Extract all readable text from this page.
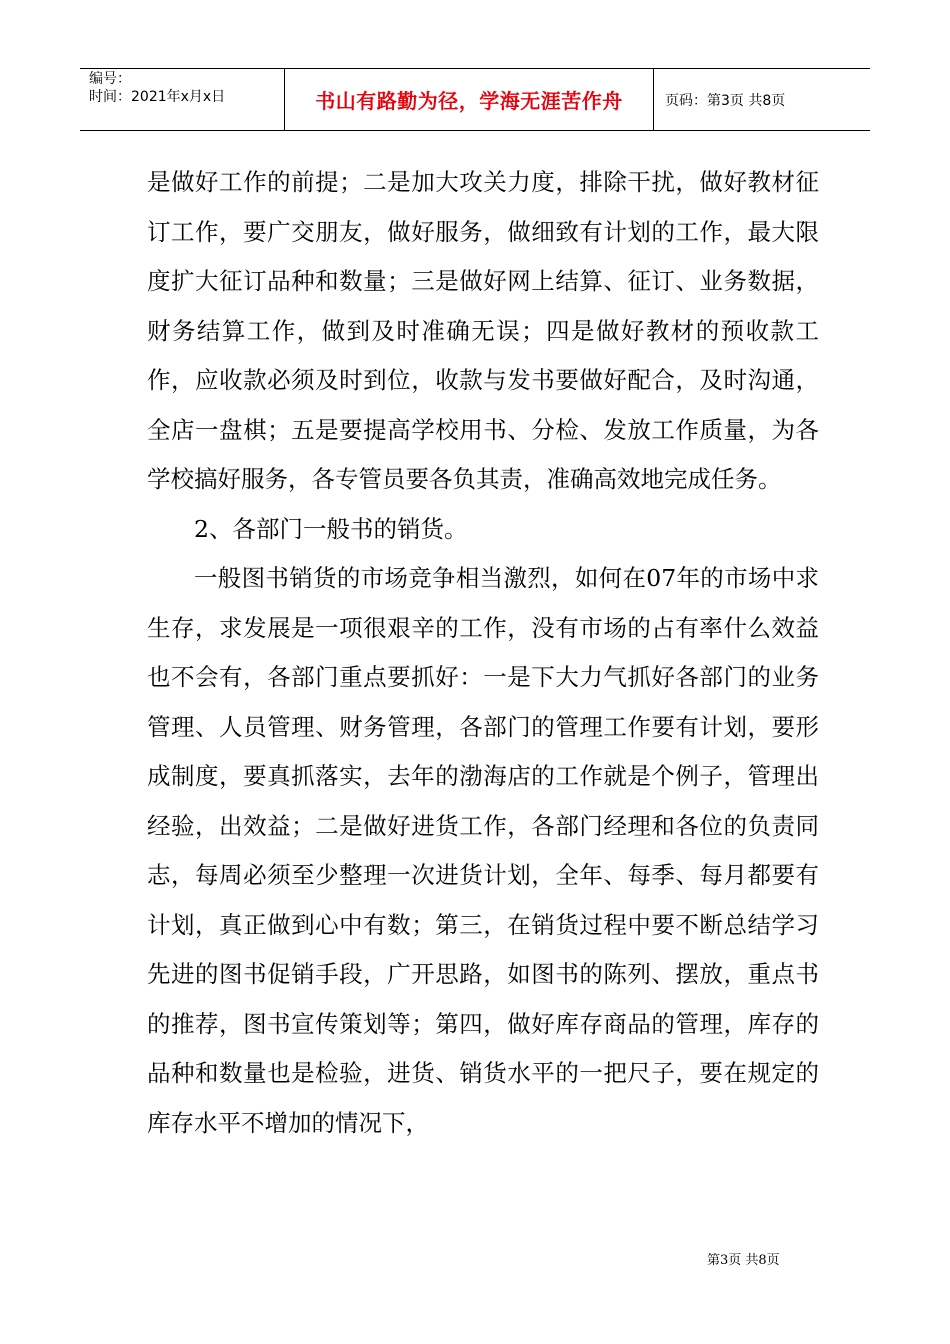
编号：
时间：2021年x月x日	书山有路勤为径，学海无涯苦作舟	页码：第3页 共8页

是做好工作的前提；二是加大攻关力度，排除干扰，做好教材征订工作，要广交朋友，做好服务，做细致有计划的工作，最大限度扩大征订品种和数量；三是做好网上结算、征订、业务数据，财务结算工作，做到及时准确无误；四是做好教材的预收款工作，应收款必须及时到位，收款与发书要做好配合，及时沟通，全店一盘棋；五是要提高学校用书、分检、发放工作质量，为各学校搞好服务，各专管员要各负其责，准确高效地完成任务。

2、各部门一般书的销货。

一般图书销货的市场竞争相当激烈，如何在07年的市场中求生存，求发展是一项很艰辛的工作，没有市场的占有率什么效益也不会有，各部门重点要抓好：一是下大力气抓好各部门的业务管理、人员管理、财务管理，各部门的管理工作要有计划，要形成制度，要真抓落实，去年的渤海店的工作就是个例子，管理出经验，出效益；二是做好进货工作，各部门经理和各位的负责同志，每周必须至少整理一次进货计划，全年、每季、每月都要有计划，真正做到心中有数；第三，在销货过程中要不断总结学习先进的图书促销手段，广开思路，如图书的陈列、摆放，重点书的推荐，图书宣传策划等；第四，做好库存商品的管理，库存的品种和数量也是检验，进货、销货水平的一把尺子，要在规定的库存水平不增加的情况下，

第3页 共8页
